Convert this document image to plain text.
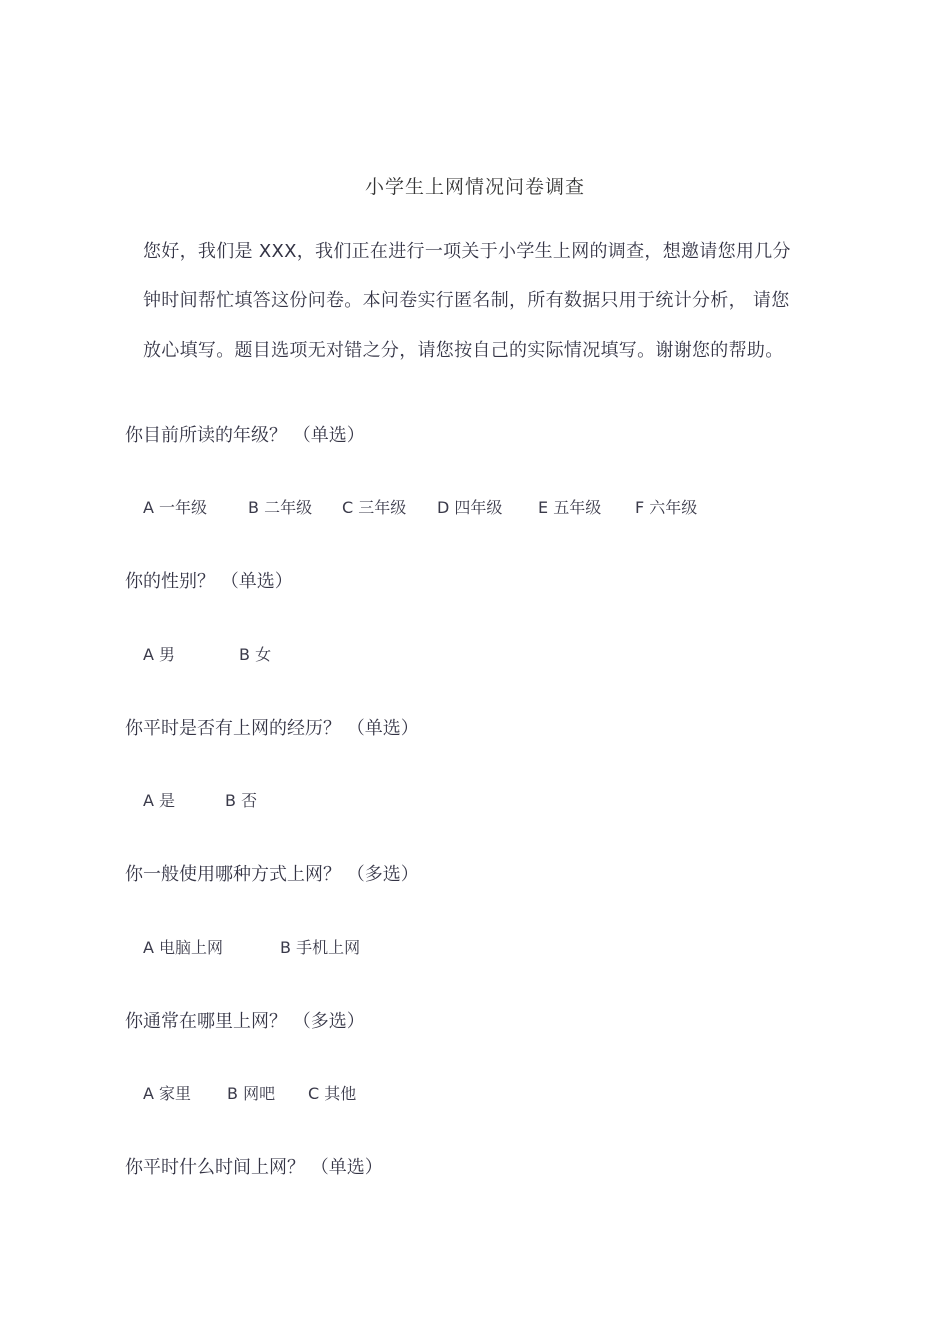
小学生上网情况问卷调查
您好，我们是 XXX，我们正在进行一项关于小学生上网的调查，想邀请您用几分
钟时间帮忙填答这份问卷。本问卷实行匿名制，所有数据只用于统计分析， 请您
放心填写。题目选项无对错之分，请您按自己的实际情况填写。谢谢您的帮助。
你目前所读的年级？ （单选）
A 一年级	B 二年级 C 三年级 D 四年级 E 五年级 F 六年级
你的性别？ （单选）
A 男	B 女
你平时是否有上网的经历？ （单选）
A 是	B 否
你一般使用哪种方式上网？ （多选）
A 电脑上网	B 手机上网
你通常在哪里上网？ （多选）
A 家里 B 网吧 C 其他
你平时什么时间上网？ （单选）
